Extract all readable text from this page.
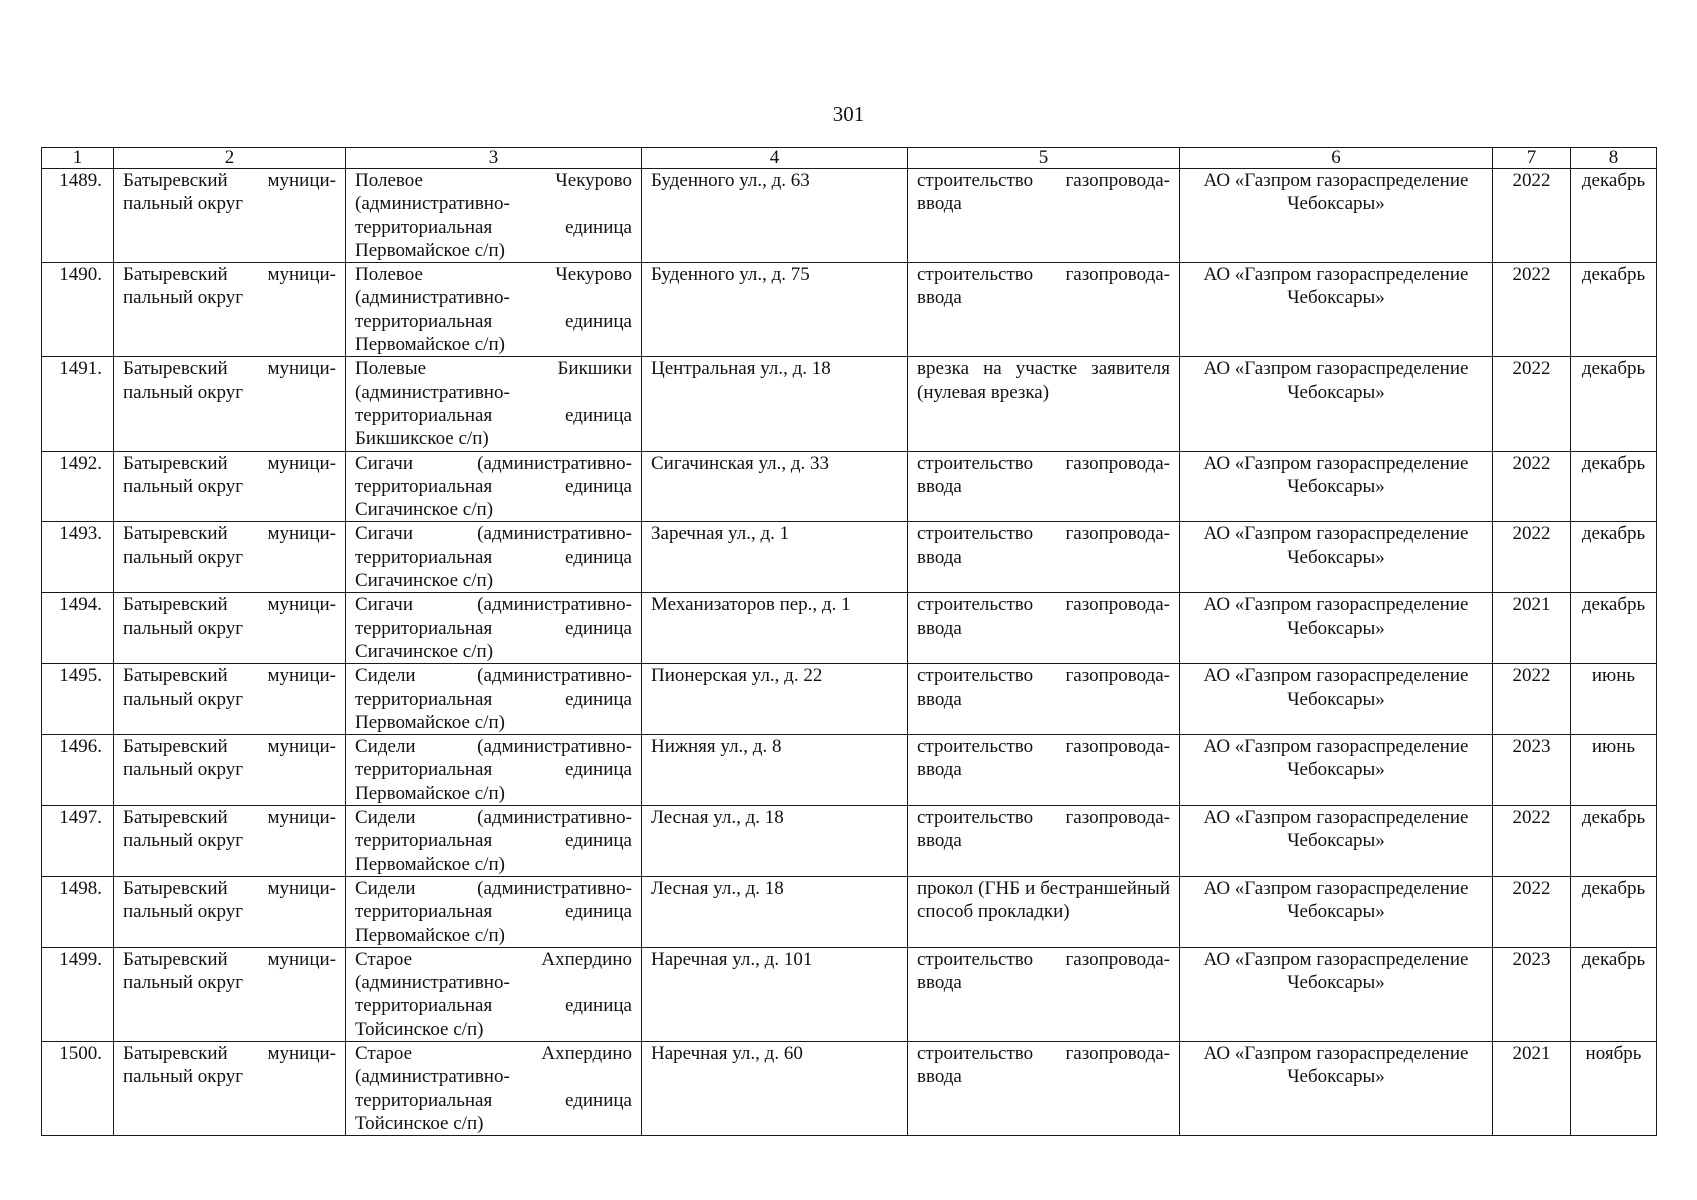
301
1	2	3	4	5	6	7	8
1489.	Батыревский муници-пальный округ	Полевое Чекурово (административно-территориальная единица Первомайское с/п)	Буденного ул., д. 63	строительство газопровода-ввода	АО «Газпром газораспределение Чебоксары»	2022	декабрь
1490.	Батыревский муници-пальный округ	Полевое Чекурово (административно-территориальная единица Первомайское с/п)	Буденного ул., д. 75	строительство газопровода-ввода	АО «Газпром газораспределение Чебоксары»	2022	декабрь
1491.	Батыревский муници-пальный округ	Полевые Бикшики (административно-территориальная единица Бикшикское с/п)	Центральная ул., д. 18	врезка на участке заявителя (нулевая врезка)	АО «Газпром газораспределение Чебоксары»	2022	декабрь
1492.	Батыревский муници-пальный округ	Сигачи (административно-территориальная единица Сигачинское с/п)	Сигачинская ул., д. 33	строительство газопровода-ввода	АО «Газпром газораспределение Чебоксары»	2022	декабрь
1493.	Батыревский муници-пальный округ	Сигачи (административно-территориальная единица Сигачинское с/п)	Заречная ул., д. 1	строительство газопровода-ввода	АО «Газпром газораспределение Чебоксары»	2022	декабрь
1494.	Батыревский муници-пальный округ	Сигачи (административно-территориальная единица Сигачинское с/п)	Механизаторов пер., д. 1	строительство газопровода-ввода	АО «Газпром газораспределение Чебоксары»	2021	декабрь
1495.	Батыревский муници-пальный округ	Сидели (административно-территориальная единица Первомайское с/п)	Пионерская ул., д. 22	строительство газопровода-ввода	АО «Газпром газораспределение Чебоксары»	2022	июнь
1496.	Батыревский муници-пальный округ	Сидели (административно-территориальная единица Первомайское с/п)	Нижняя ул., д. 8	строительство газопровода-ввода	АО «Газпром газораспределение Чебоксары»	2023	июнь
1497.	Батыревский муници-пальный округ	Сидели (административно-территориальная единица Первомайское с/п)	Лесная ул., д. 18	строительство газопровода-ввода	АО «Газпром газораспределение Чебоксары»	2022	декабрь
1498.	Батыревский муници-пальный округ	Сидели (административно-территориальная единица Первомайское с/п)	Лесная ул., д. 18	прокол (ГНБ и бестраншейный способ прокладки)	АО «Газпром газораспределение Чебоксары»	2022	декабрь
1499.	Батыревский муници-пальный округ	Старое Ахпердино (административно-территориальная единица Тойсинское с/п)	Наречная ул., д. 101	строительство газопровода-ввода	АО «Газпром газораспределение Чебоксары»	2023	декабрь
1500.	Батыревский муници-пальный округ	Старое Ахпердино (административно-территориальная единица Тойсинское с/п)	Наречная ул., д. 60	строительство газопровода-ввода	АО «Газпром газораспределение Чебоксары»	2021	ноябрь
